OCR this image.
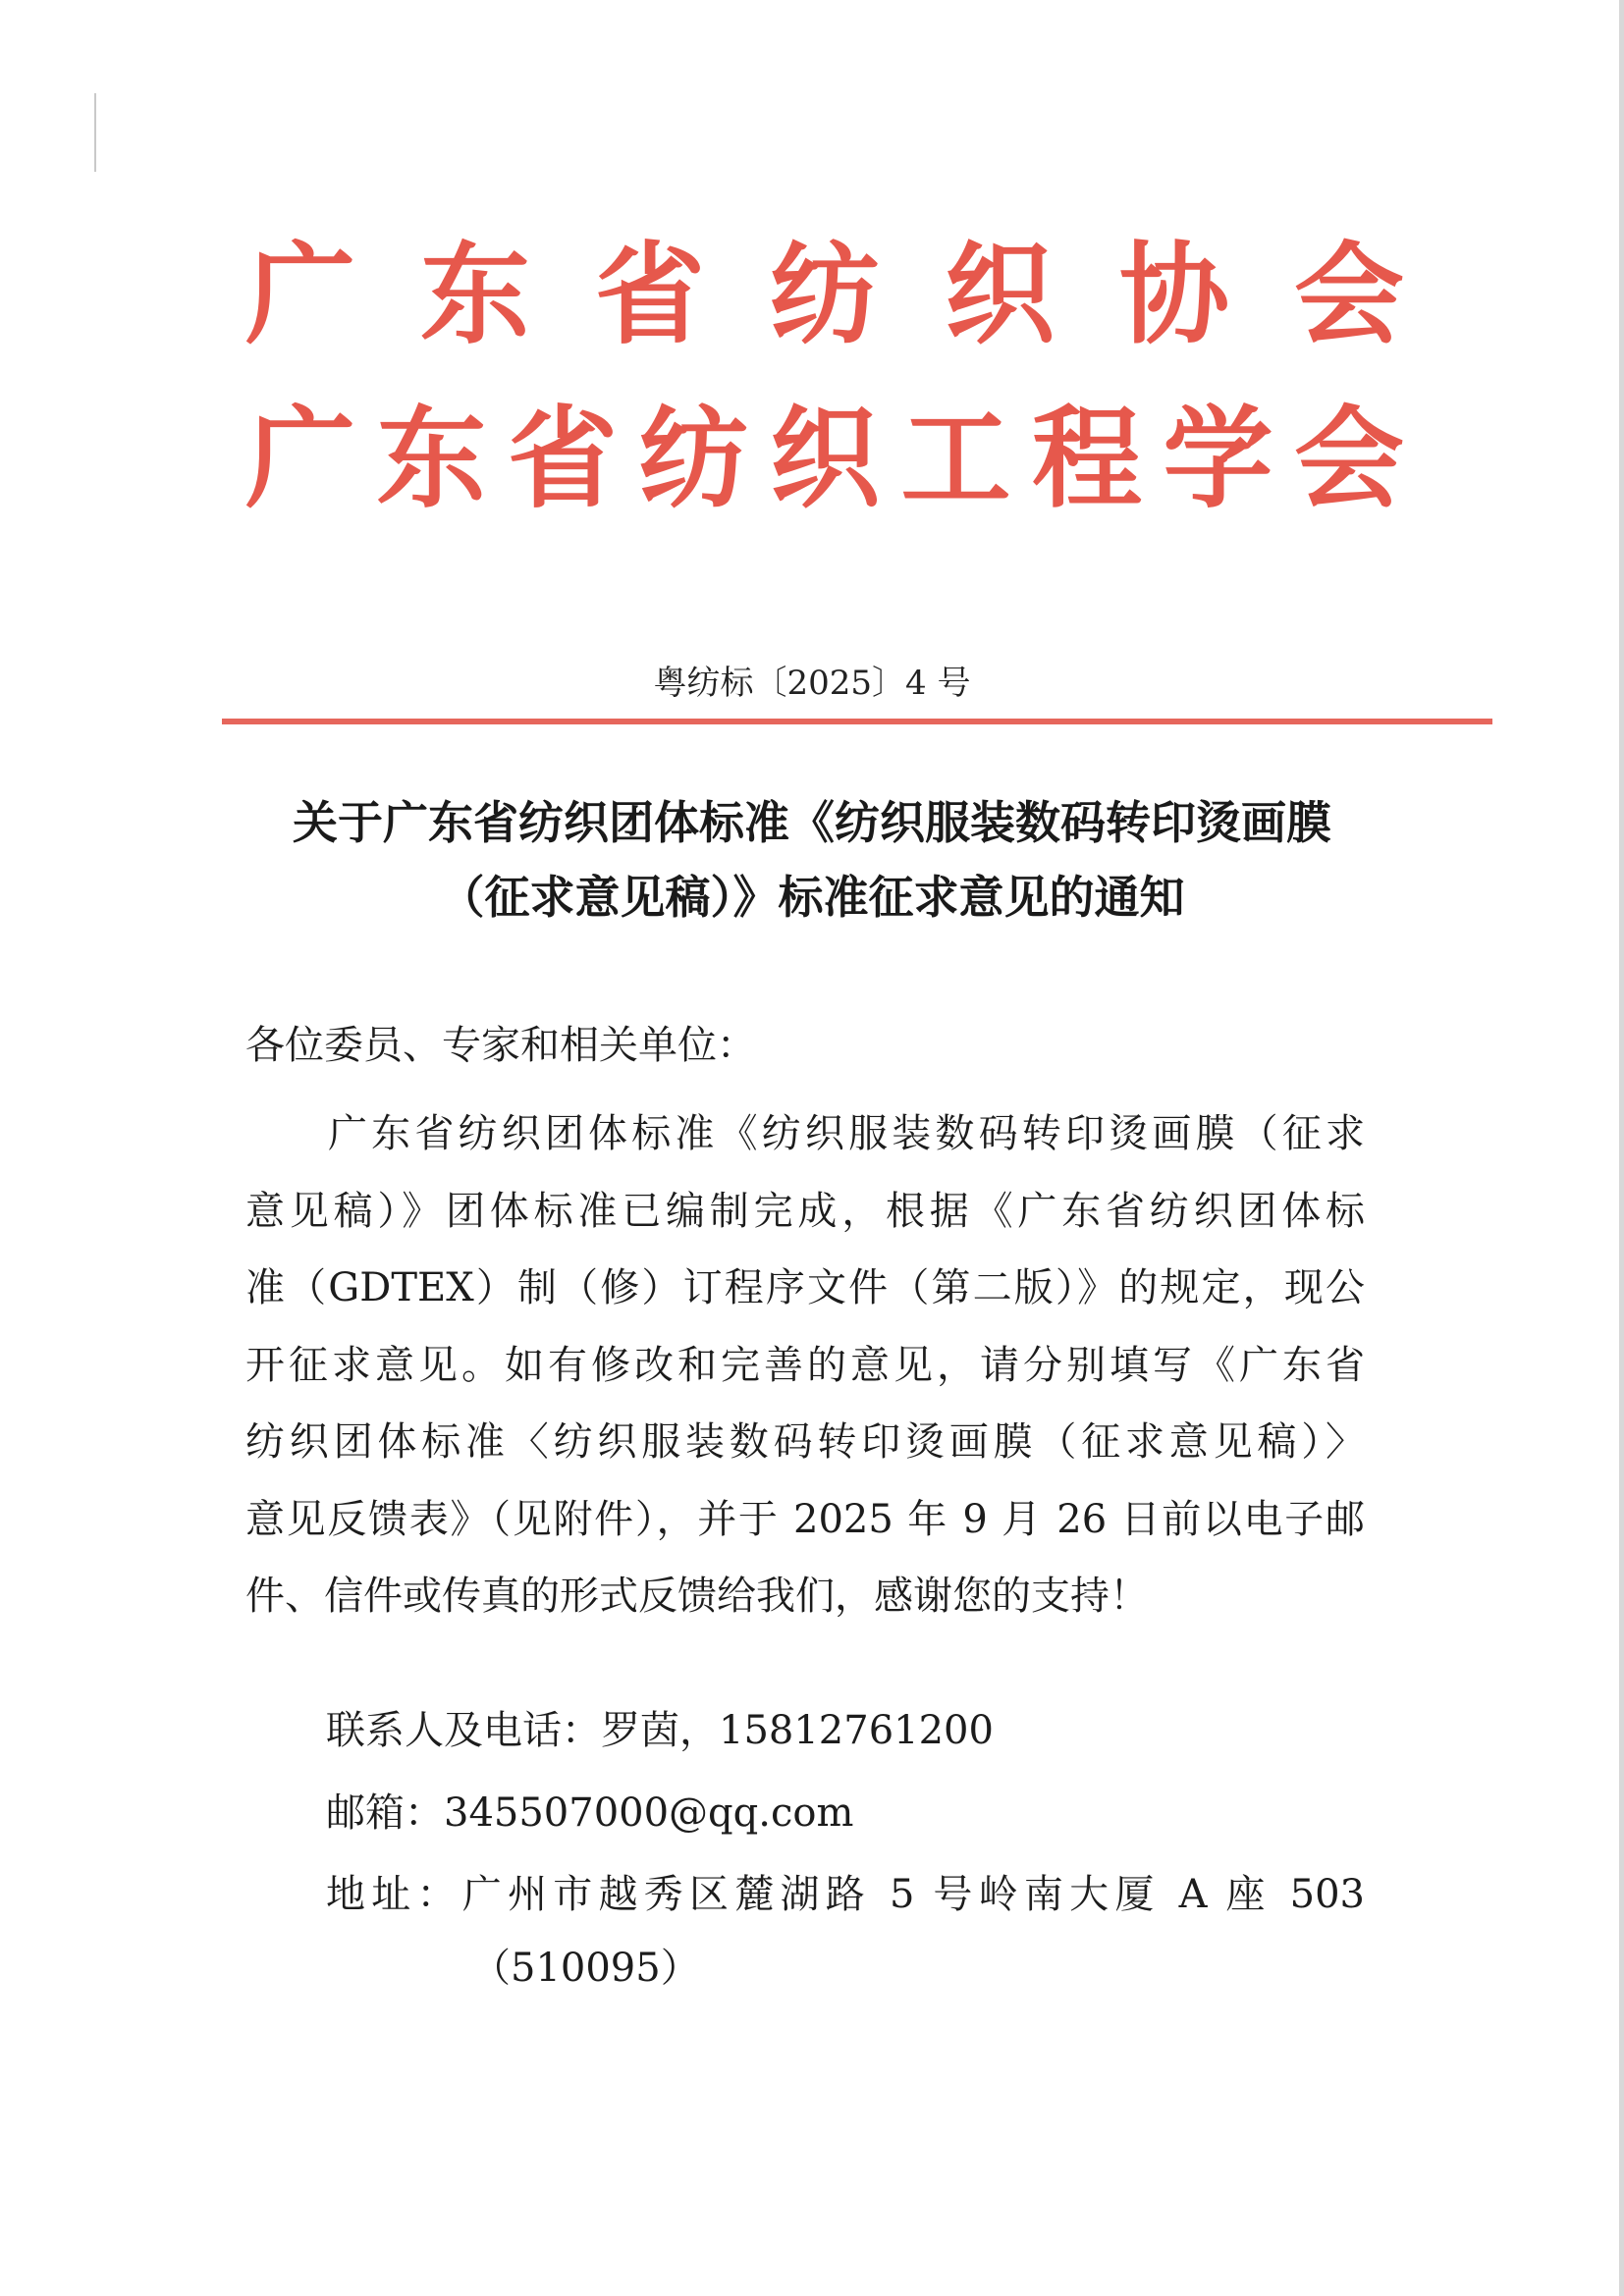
广 东 省 纺 织 协 会
广 东 省 纺 织 工 程 学 会
粤纺标〔2025〕4 号
关于广东省纺织团体标准《纺织服装数码转印烫画膜
（征求意见稿）》标准征求意见的通知
各位委员、专家和相关单位：
广东省纺织团体标准《纺织服装数码转印烫画膜（征求
意见稿）》团体标准已编制完成，根据《广东省纺织团体标
准（GDTEX）制（修）订程序文件（第二版）》的规定，现公
开征求意见。如有修改和完善的意见，请分别填写《广东省
纺织团体标准〈纺织服装数码转印烫画膜（征求意见稿）〉
意见反馈表》（见附件），并于 2025 年 9 月 26 日前以电子邮
件、信件或传真的形式反馈给我们，感谢您的支持！
联系人及电话：罗茵，15812761200
邮箱：345507000@qq.com
地址：广州市越秀区麓湖路 5 号岭南大厦 A 座 503
（510095）
